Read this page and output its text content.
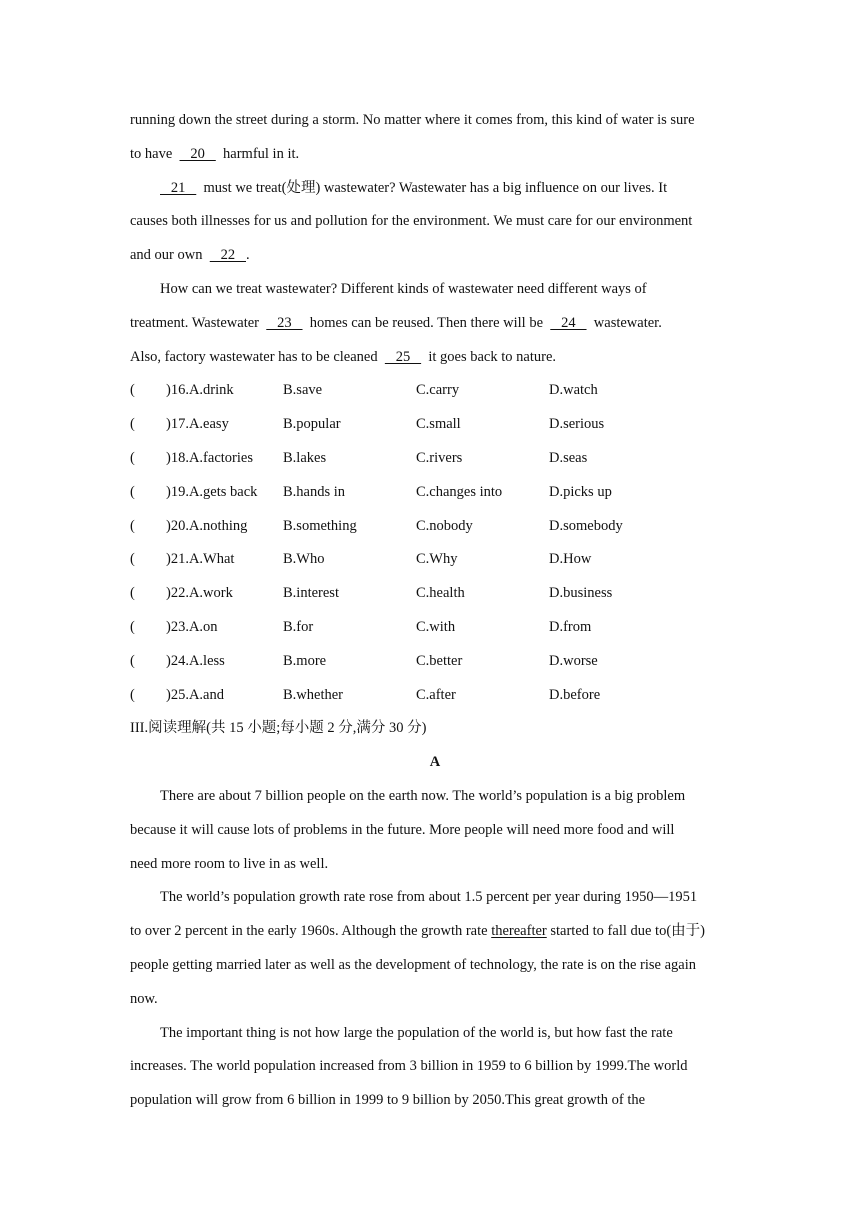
running down the street during a storm. No matter where it comes from, this kind of water is sure
to have     20     harmful in it.
21     must we treat(处理) wastewater? Wastewater has a big influence on our lives. It
causes both illnesses for us and pollution for the environment. We must care for our environment
and our own     22   .
How can we treat wastewater? Different kinds of wastewater need different ways of
treatment. Wastewater     23     homes can be reused. Then there will be     24     wastewater.
Also, factory wastewater has to be cleaned     25     it goes back to nature.
(	)16.A.drink	B.save	C.carry	D.watch
(	)17.A.easy	B.popular	C.small	D.serious
(	)18.A.factories	B.lakes	C.rivers	D.seas
(	)19.A.gets back	B.hands in	C.changes into	D.picks up
(	)20.A.nothing	B.something	C.nobody	D.somebody
(	)21.A.What	B.Who	C.Why	D.How
(	)22.A.work	B.interest	C.health	D.business
(	)23.A.on	B.for	C.with	D.from
(	)24.A.less	B.more	C.better	D.worse
(	)25.A.and	B.whether	C.after	D.before
III.阅读理解(共 15 小题;每小题 2 分,满分 30 分)
A
There are about 7 billion people on the earth now. The world’s population is a big problem
because it will cause lots of problems in the future. More people will need more food and will
need more room to live in as well.
The world’s population growth rate rose from about 1.5 percent per year during 1950—1951
to over 2 percent in the early 1960s. Although the growth rate thereafter started to fall due to(由于)
people getting married later as well as the development of technology, the rate is on the rise again
now.
The important thing is not how large the population of the world is, but how fast the rate
increases. The world population increased from 3 billion in 1959 to 6 billion by 1999.The world
population will grow from 6 billion in 1999 to 9 billion by 2050.This great growth of the
